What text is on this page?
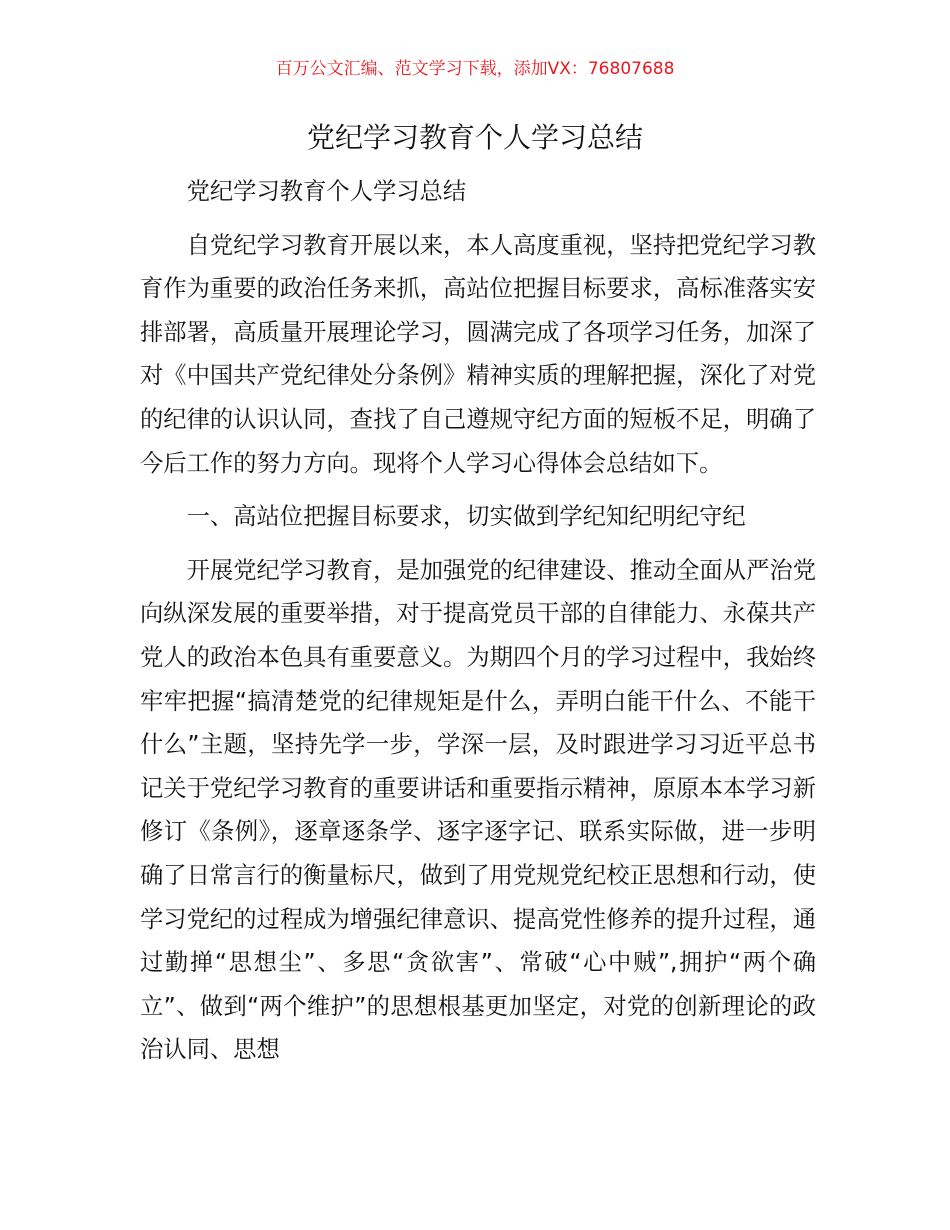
百万公文汇编、范文学习下载，添加VX：76807688
党纪学习教育个人学习总结

党纪学习教育个人学习总结

自党纪学习教育开展以来，本人高度重视，坚持把党纪学习教育作为重要的政治任务来抓，高站位把握目标要求，高标准落实安排部署，高质量开展理论学习，圆满完成了各项学习任务，加深了对《中国共产党纪律处分条例》精神实质的理解把握，深化了对党的纪律的认识认同，查找了自己遵规守纪方面的短板不足，明确了今后工作的努力方向。现将个人学习心得体会总结如下。

一、高站位把握目标要求，切实做到学纪知纪明纪守纪

开展党纪学习教育，是加强党的纪律建设、推动全面从严治党向纵深发展的重要举措，对于提高党员干部的自律能力、永葆共产党人的政治本色具有重要意义。为期四个月的学习过程中，我始终牢牢把握“搞清楚党的纪律规矩是什么，弄明白能干什么、不能干什么”主题，坚持先学一步，学深一层，及时跟进学习习近平总书记关于党纪学习教育的重要讲话和重要指示精神，原原本本学习新修订《条例》，逐章逐条学、逐字逐字记、联系实际做，进一步明确了日常言行的衡量标尺，做到了用党规党纪校正思想和行动，使学习党纪的过程成为增强纪律意识、提高党性修养的提升过程，通过勤掸“思想尘”、多思“贪欲害”、常破“心中贼”,拥护“两个确立”、做到“两个维护”的思想根基更加坚定，对党的创新理论的政治认同、思想
